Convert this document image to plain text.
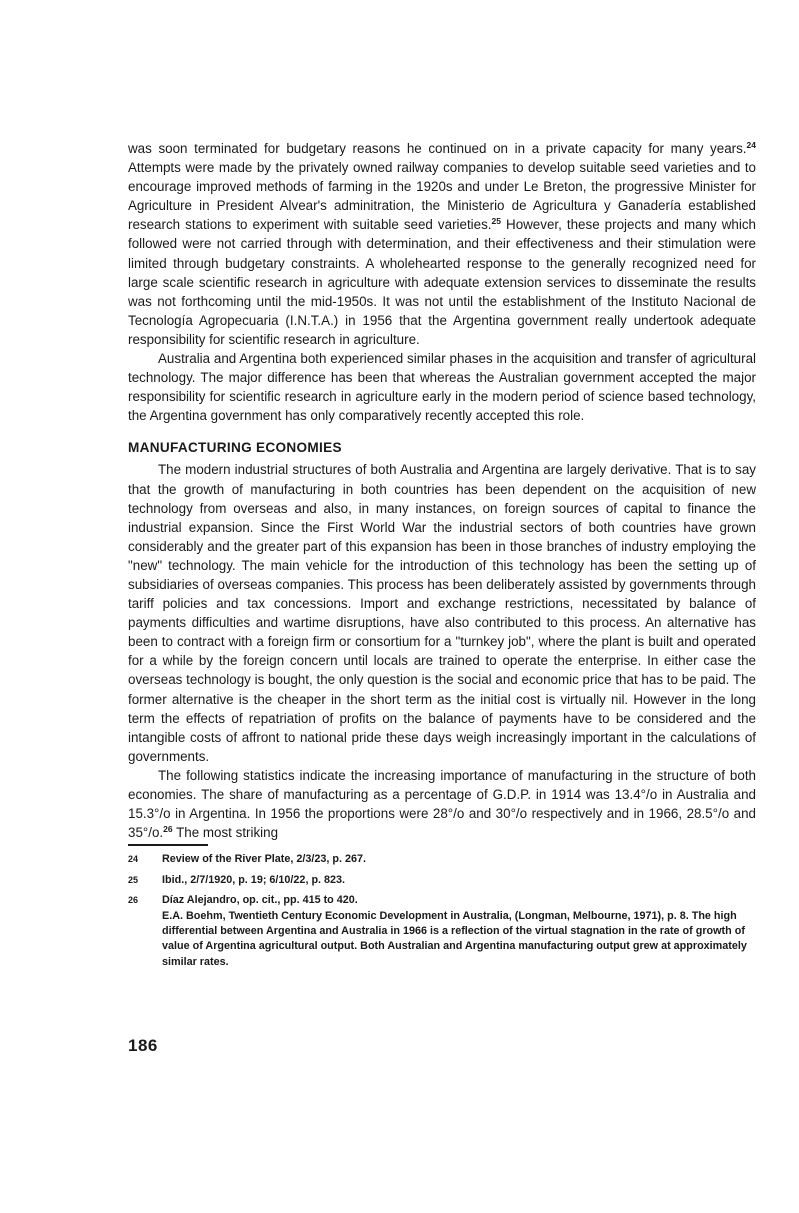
was soon terminated for budgetary reasons he continued on in a private capacity for many years.$^{24}$ Attempts were made by the privately owned railway companies to develop suitable seed varieties and to encourage improved methods of farming in the 1920s and under Le Breton, the progressive Minister for Agriculture in President Alvear's adminitration, the Ministerio de Agricultura y Ganadería established research stations to experiment with suitable seed varieties.$^{25}$ However, these projects and many which followed were not carried through with determination, and their effectiveness and their stimulation were limited through budgetary constraints. A wholehearted response to the generally recognized need for large scale scientific research in agriculture with adequate extension services to disseminate the results was not forthcoming until the mid-1950s. It was not until the establishment of the Instituto Nacional de Tecnología Agropecuaria (I.N.T.A.) in 1956 that the Argentina government really undertook adequate responsibility for scientific research in agriculture.

Australia and Argentina both experienced similar phases in the acquisition and transfer of agricultural technology. The major difference has been that whereas the Australian government accepted the major responsibility for scientific research in agriculture early in the modern period of science based technology, the Argentina government has only comparatively recently accepted this role.

MANUFACTURING ECONOMIES

The modern industrial structures of both Australia and Argentina are largely derivative. That is to say that the growth of manufacturing in both countries has been dependent on the acquisition of new technology from overseas and also, in many instances, on foreign sources of capital to finance the industrial expansion. Since the First World War the industrial sectors of both countries have grown considerably and the greater part of this expansion has been in those branches of industry employing the "new" technology. The main vehicle for the introduction of this technology has been the setting up of subsidiaries of overseas companies. This process has been deliberately assisted by governments through tariff policies and tax concessions. Import and exchange restrictions, necessitated by balance of payments difficulties and wartime disruptions, have also contributed to this process. An alternative has been to contract with a foreign firm or consortium for a "turnkey job", where the plant is built and operated for a while by the foreign concern until locals are trained to operate the enterprise. In either case the overseas technology is bought, the only question is the social and economic price that has to be paid. The former alternative is the cheaper in the short term as the initial cost is virtually nil. However in the long term the effects of repatriation of profits on the balance of payments have to be considered and the intangible costs of affront to national pride these days weigh increasingly important in the calculations of governments.

The following statistics indicate the increasing importance of manufacturing in the structure of both economies. The share of manufacturing as a percentage of G.D.P. in 1914 was 13.4°/o in Australia and 15.3°/o in Argentina. In 1956 the proportions were 28°/o and 30°/o respectively and in 1966, 28.5°/o and 35°/o.$^{26}$ The most striking

24	Review of the River Plate, 2/3/23, p. 267.
25	Ibid., 2/7/1920, p. 19; 6/10/22, p. 823.
26	Díaz Alejandro, op. cit., pp. 415 to 420.
E.A. Boehm, Twentieth Century Economic Development in Australia, (Longman, Melbourne, 1971), p. 8. The high differential between Argentina and Australia in 1966 is a reflection of the virtual stagnation in the rate of growth of value of Argentina agricultural output. Both Australian and Argentina manufacturing output grew at approximately similar rates.
186
